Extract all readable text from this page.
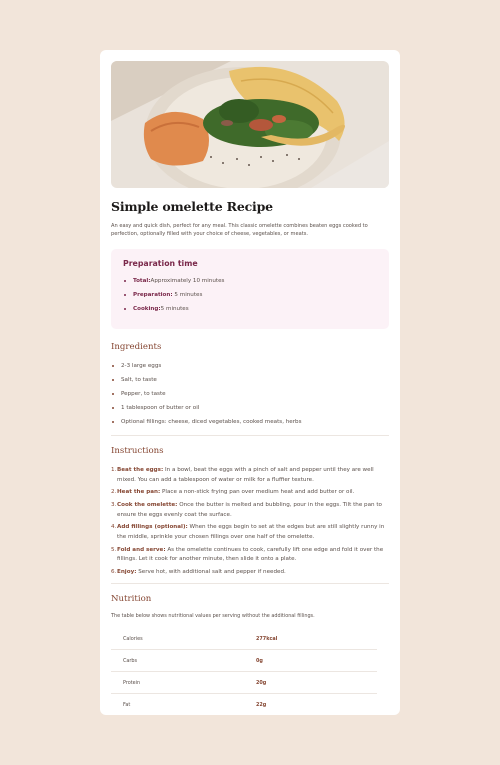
Simple omelette Recipe

An easy and quick dish, perfect for any meal. This classic omelette combines beaten eggs cooked to perfection, optionally filled with your choice of cheese, vegetables, or meats.

Preparation time
Total:Approximately 10 minutes
Preparation: 5 minutes
Cooking:5 minutes
Ingredients
2-3 large eggs
Salt, to taste
Pepper, to taste
1 tablespoon of butter or oil
Optional fillings: cheese, diced vegetables, cooked meats, herbs
Instructions
1. Beat the eggs: In a bowl, beat the eggs with a pinch of salt and pepper until they are well mixed. You can add a tablespoon of water or milk for a fluffier texture.
2. Heat the pan: Place a non-stick frying pan over medium heat and add butter or oil.
3. Cook the omelette: Once the butter is melted and bubbling, pour in the eggs. Tilt the pan to ensure the eggs evenly coat the surface.
4. Add fillings (optional): When the eggs begin to set at the edges but are still slightly runny in the middle, sprinkle your chosen fillings over one half of the omelette.
5. Fold and serve: As the omelette continues to cook, carefully lift one edge and fold it over the fillings. Let it cook for another minute, then slide it onto a plate.
6. Enjoy: Serve hot, with additional salt and pepper if needed.
Nutrition
The table below shows nutritional values per serving without the additional fillings.
Calories	277kcal
Carbs	0g
Protein	20g
Fat	22g
